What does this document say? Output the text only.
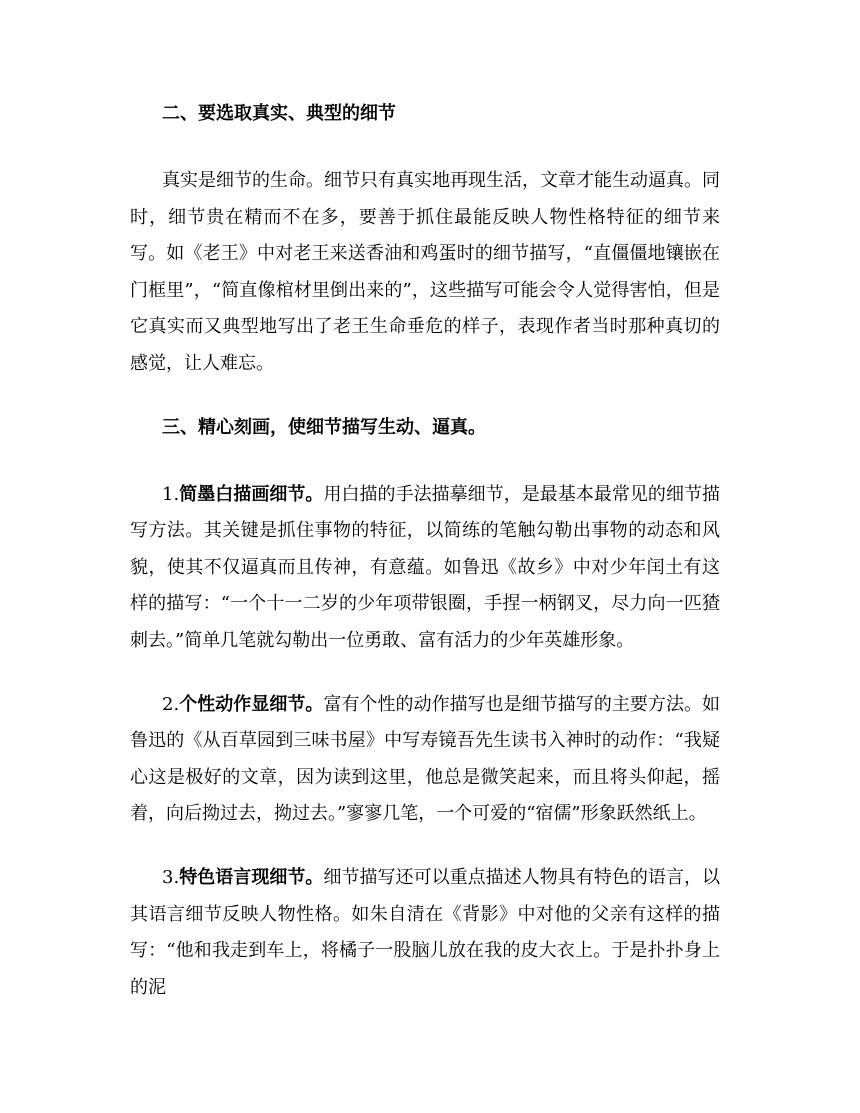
二、要选取真实、典型的细节

真实是细节的生命。细节只有真实地再现生活，文章才能生动逼真。同时，细节贵在精而不在多，要善于抓住最能反映人物性格特征的细节来写。如《老王》中对老王来送香油和鸡蛋时的细节描写，“直僵僵地镶嵌在门框里”，“简直像棺材里倒出来的”，这些描写可能会令人觉得害怕，但是它真实而又典型地写出了老王生命垂危的样子，表现作者当时那种真切的感觉，让人难忘。

三、精心刻画，使细节描写生动、逼真。

1.简墨白描画细节。用白描的手法描摹细节，是最基本最常见的细节描写方法。其关键是抓住事物的特征，以简练的笔触勾勒出事物的动态和风貌，使其不仅逼真而且传神，有意蕴。如鲁迅《故乡》中对少年闰土有这样的描写：“一个十一二岁的少年项带银圈，手捏一柄钢叉，尽力向一匹猹刺去。”简单几笔就勾勒出一位勇敢、富有活力的少年英雄形象。

2.个性动作显细节。富有个性的动作描写也是细节描写的主要方法。如鲁迅的《从百草园到三味书屋》中写寿镜吾先生读书入神时的动作：“我疑心这是极好的文章，因为读到这里，他总是微笑起来，而且将头仰起，摇着，向后拗过去，拗过去。”寥寥几笔，一个可爱的“宿儒”形象跃然纸上。

3.特色语言现细节。细节描写还可以重点描述人物具有特色的语言，以其语言细节反映人物性格。如朱自清在《背影》中对他的父亲有这样的描写：“他和我走到车上，将橘子一股脑儿放在我的皮大衣上。于是扑扑身上的泥
